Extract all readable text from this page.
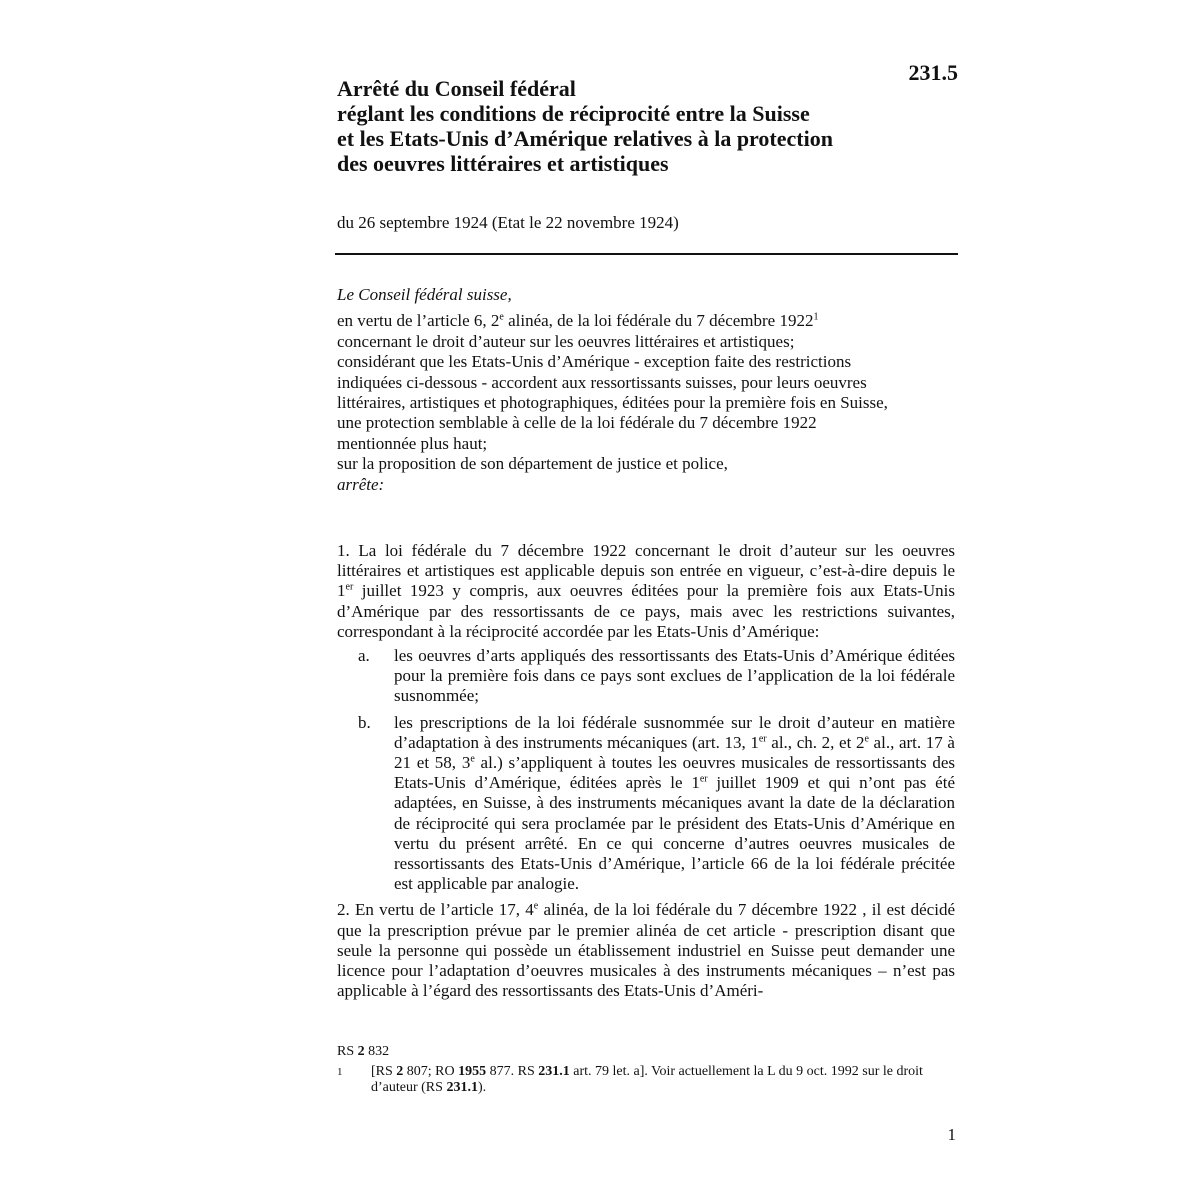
231.5
Arrêté du Conseil fédéral
réglant les conditions de réciprocité entre la Suisse
et les Etats-Unis d’Amérique relatives à la protection
des oeuvres littéraires et artistiques
du 26 septembre 1924 (Etat le 22 novembre 1924)
Le Conseil fédéral suisse,
en vertu de l’article 6, 2e alinéa, de la loi fédérale du 7 décembre 1922$^1$
concernant le droit d’auteur sur les oeuvres littéraires et artistiques;
considérant que les Etats-Unis d’Amérique - exception faite des restrictions
indiquées ci-dessous - accordent aux ressortissants suisses, pour leurs oeuvres
littéraires, artistiques et photographiques, éditées pour la première fois en Suisse,
une protection semblable à celle de la loi fédérale du 7 décembre 1922
mentionnée plus haut;
sur la proposition de son département de justice et police,
arrête:

1. La loi fédérale du 7 décembre 1922 concernant le droit d’auteur sur les oeuvres littéraires et artistiques est applicable depuis son entrée en vigueur, c’est-à-dire depuis le 1er juillet 1923 y compris, aux oeuvres éditées pour la première fois aux Etats-Unis d’Amérique par des ressortissants de ce pays, mais avec les restrictions suivantes, correspondant à la réciprocité accordée par les Etats-Unis d’Amérique:

a.	les oeuvres d’arts appliqués des ressortissants des Etats-Unis d’Amérique éditées pour la première fois dans ce pays sont exclues de l’application de la loi fédérale susnommée;
b.	les prescriptions de la loi fédérale susnommée sur le droit d’auteur en matière d’adaptation à des instruments mécaniques (art. 13, 1er al., ch. 2, et 2e al., art. 17 à 21 et 58, 3e al.) s’appliquent à toutes les oeuvres musicales de ressortissants des Etats-Unis d’Amérique, éditées après le 1er juillet 1909 et qui n’ont pas été adaptées, en Suisse, à des instruments mécaniques avant la date de la déclaration de réciprocité qui sera proclamée par le président des Etats-Unis d’Amérique en vertu du présent arrêté. En ce qui concerne d’autres oeuvres musicales de ressortissants des Etats-Unis d’Amérique, l’article 66 de la loi fédérale précitée est applicable par analogie.

2. En vertu de l’article 17, 4e alinéa, de la loi fédérale du 7 décembre 1922 , il est décidé que la prescription prévue par le premier alinéa de cet article - prescription disant que seule la personne qui possède un établissement industriel en Suisse peut demander une licence pour l’adaptation d’oeuvres musicales à des instruments mécaniques – n’est pas applicable à l’égard des ressortissants des Etats-Unis d’Améri-

RS 2 832
1	[RS 2 807; RO 1955 877. RS 231.1 art. 79 let. a]. Voir actuellement la L du 9 oct. 1992 sur le droit d’auteur (RS 231.1).
1
